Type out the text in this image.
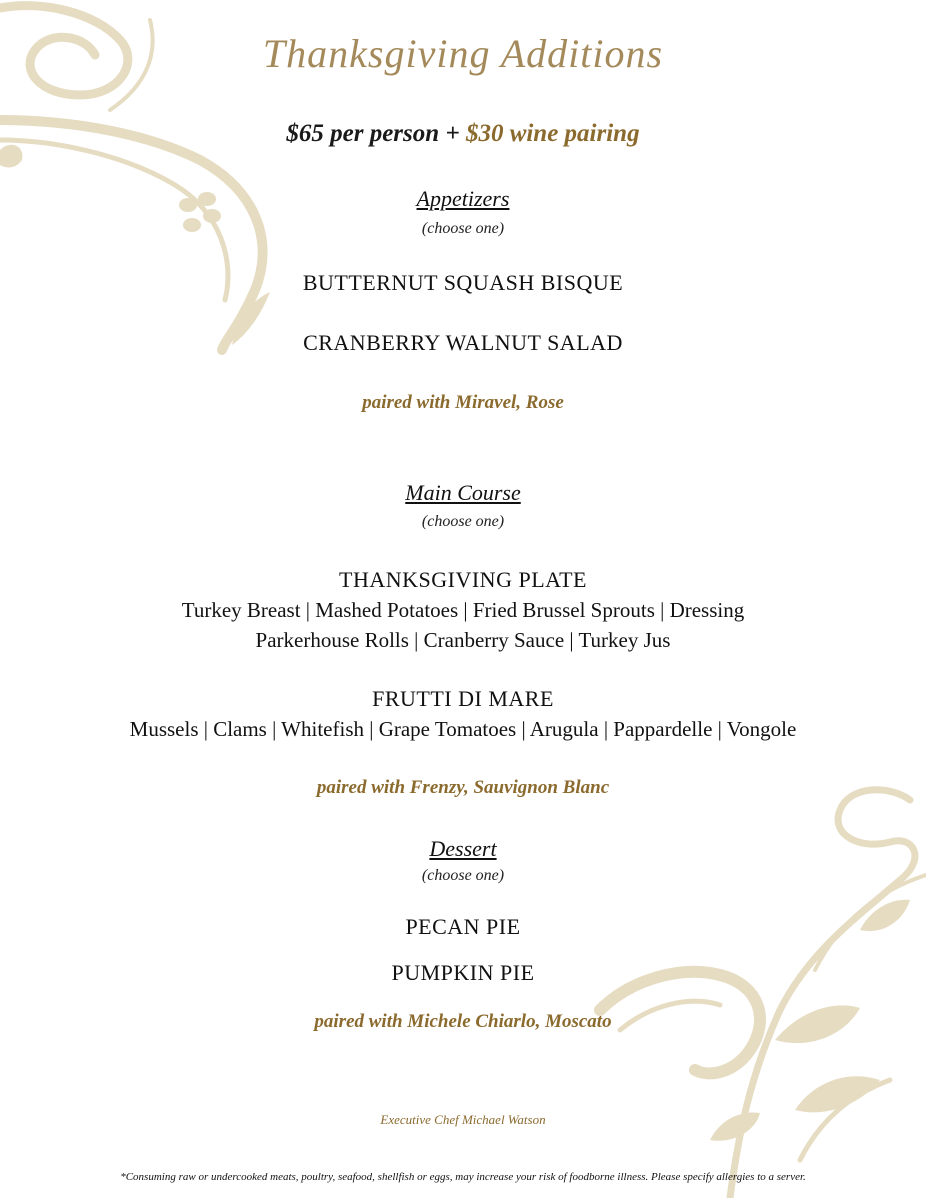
Thanksgiving Additions
$65 per person + $30 wine pairing
Appetizers
(choose one)
BUTTERNUT SQUASH BISQUE
CRANBERRY WALNUT SALAD
paired with Miravel, Rose
Main Course
(choose one)
THANKSGIVING PLATE
Turkey Breast | Mashed Potatoes | Fried Brussel Sprouts | Dressing
Parkerhouse Rolls | Cranberry Sauce | Turkey Jus
FRUTTI DI MARE
Mussels | Clams | Whitefish | Grape Tomatoes | Arugula | Pappardelle | Vongole
paired with Frenzy, Sauvignon Blanc
Dessert
(choose one)
PECAN PIE
PUMPKIN PIE
paired with Michele Chiarlo, Moscato
Executive Chef Michael Watson
*Consuming raw or undercooked meats, poultry, seafood, shellfish or eggs, may increase your risk of foodborne illness. Please specify allergies to a server.
